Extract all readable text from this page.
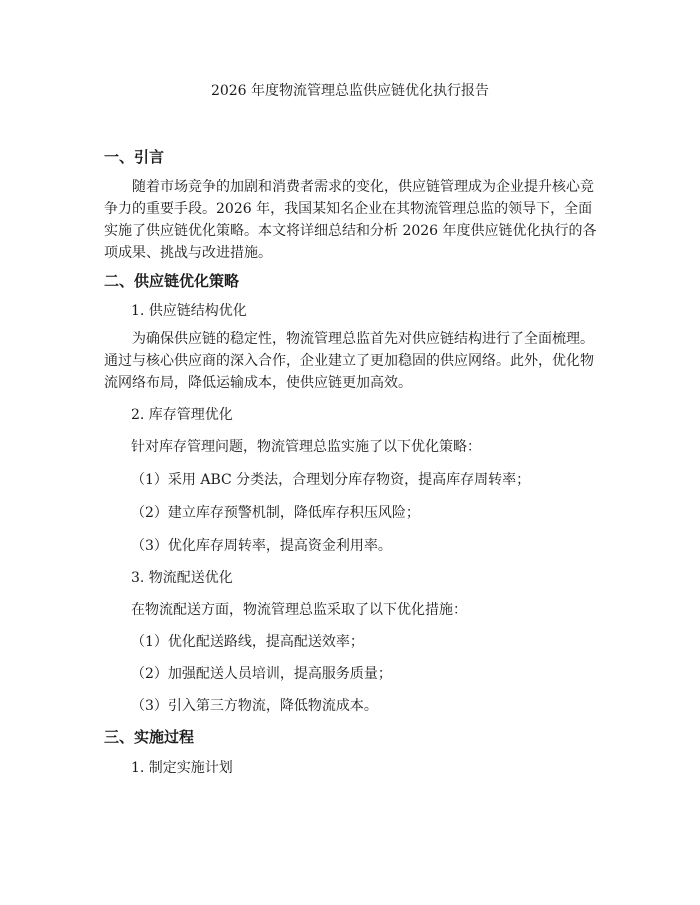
2026 年度物流管理总监供应链优化执行报告
一、引言

随着市场竞争的加剧和消费者需求的变化，供应链管理成为企业提升核心竞争力的重要手段。2026 年，我国某知名企业在其物流管理总监的领导下，全面实施了供应链优化策略。本文将详细总结和分析 2026 年度供应链优化执行的各项成果、挑战与改进措施。

二、供应链优化策略

1. 供应链结构优化

为确保供应链的稳定性，物流管理总监首先对供应链结构进行了全面梳理。通过与核心供应商的深入合作，企业建立了更加稳固的供应网络。此外，优化物流网络布局，降低运输成本，使供应链更加高效。

2. 库存管理优化

针对库存管理问题，物流管理总监实施了以下优化策略：

（1）采用 ABC 分类法，合理划分库存物资，提高库存周转率；

（2）建立库存预警机制，降低库存积压风险；

（3）优化库存周转率，提高资金利用率。

3. 物流配送优化

在物流配送方面，物流管理总监采取了以下优化措施：

（1）优化配送路线，提高配送效率；

（2）加强配送人员培训，提高服务质量；

（3）引入第三方物流，降低物流成本。

三、实施过程

1. 制定实施计划
